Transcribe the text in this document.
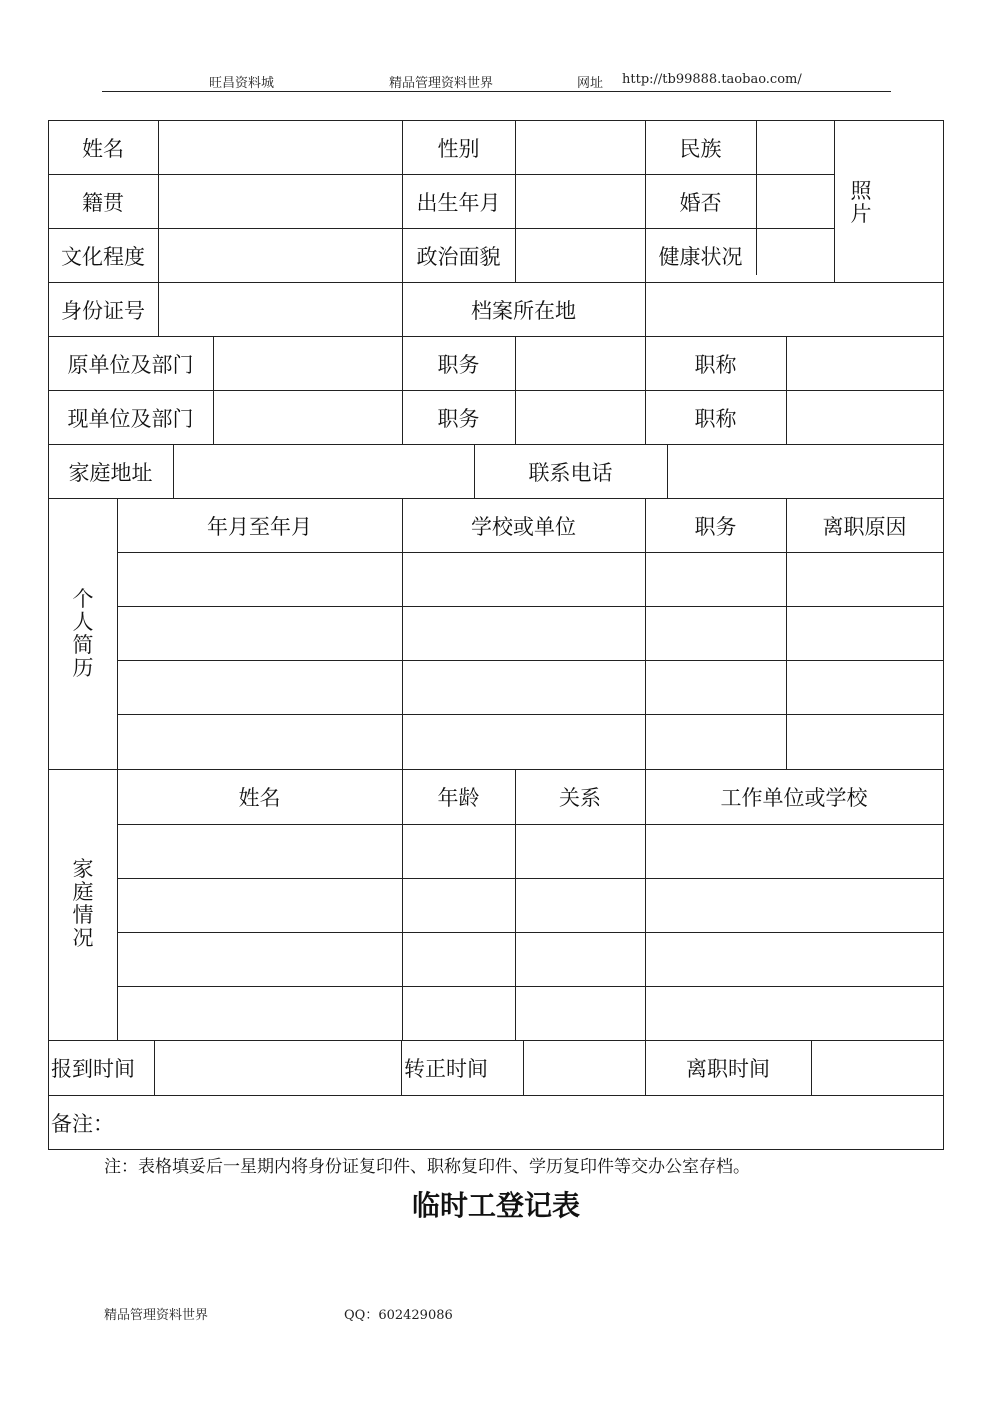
旺昌资料城	精品管理资料世界	网址 http://tb99888.taobao.com/
姓名	性别	民族
籍贯	出生年月	婚否
文化程度	政治面貌	健康状况
照片
身份证号	档案所在地
原单位及部门	职务	职称
现单位及部门	职务	职称
家庭地址	联系电话
个人简历
年月至年月	学校或单位	职务	离职原因
家庭情况
姓名	年龄	关系	工作单位或学校
报到时间	转正时间	离职时间
备注：
注：表格填妥后一星期内将身份证复印件、职称复印件、学历复印件等交办公室存档。
临时工登记表
精品管理资料世界	QQ：602429086
